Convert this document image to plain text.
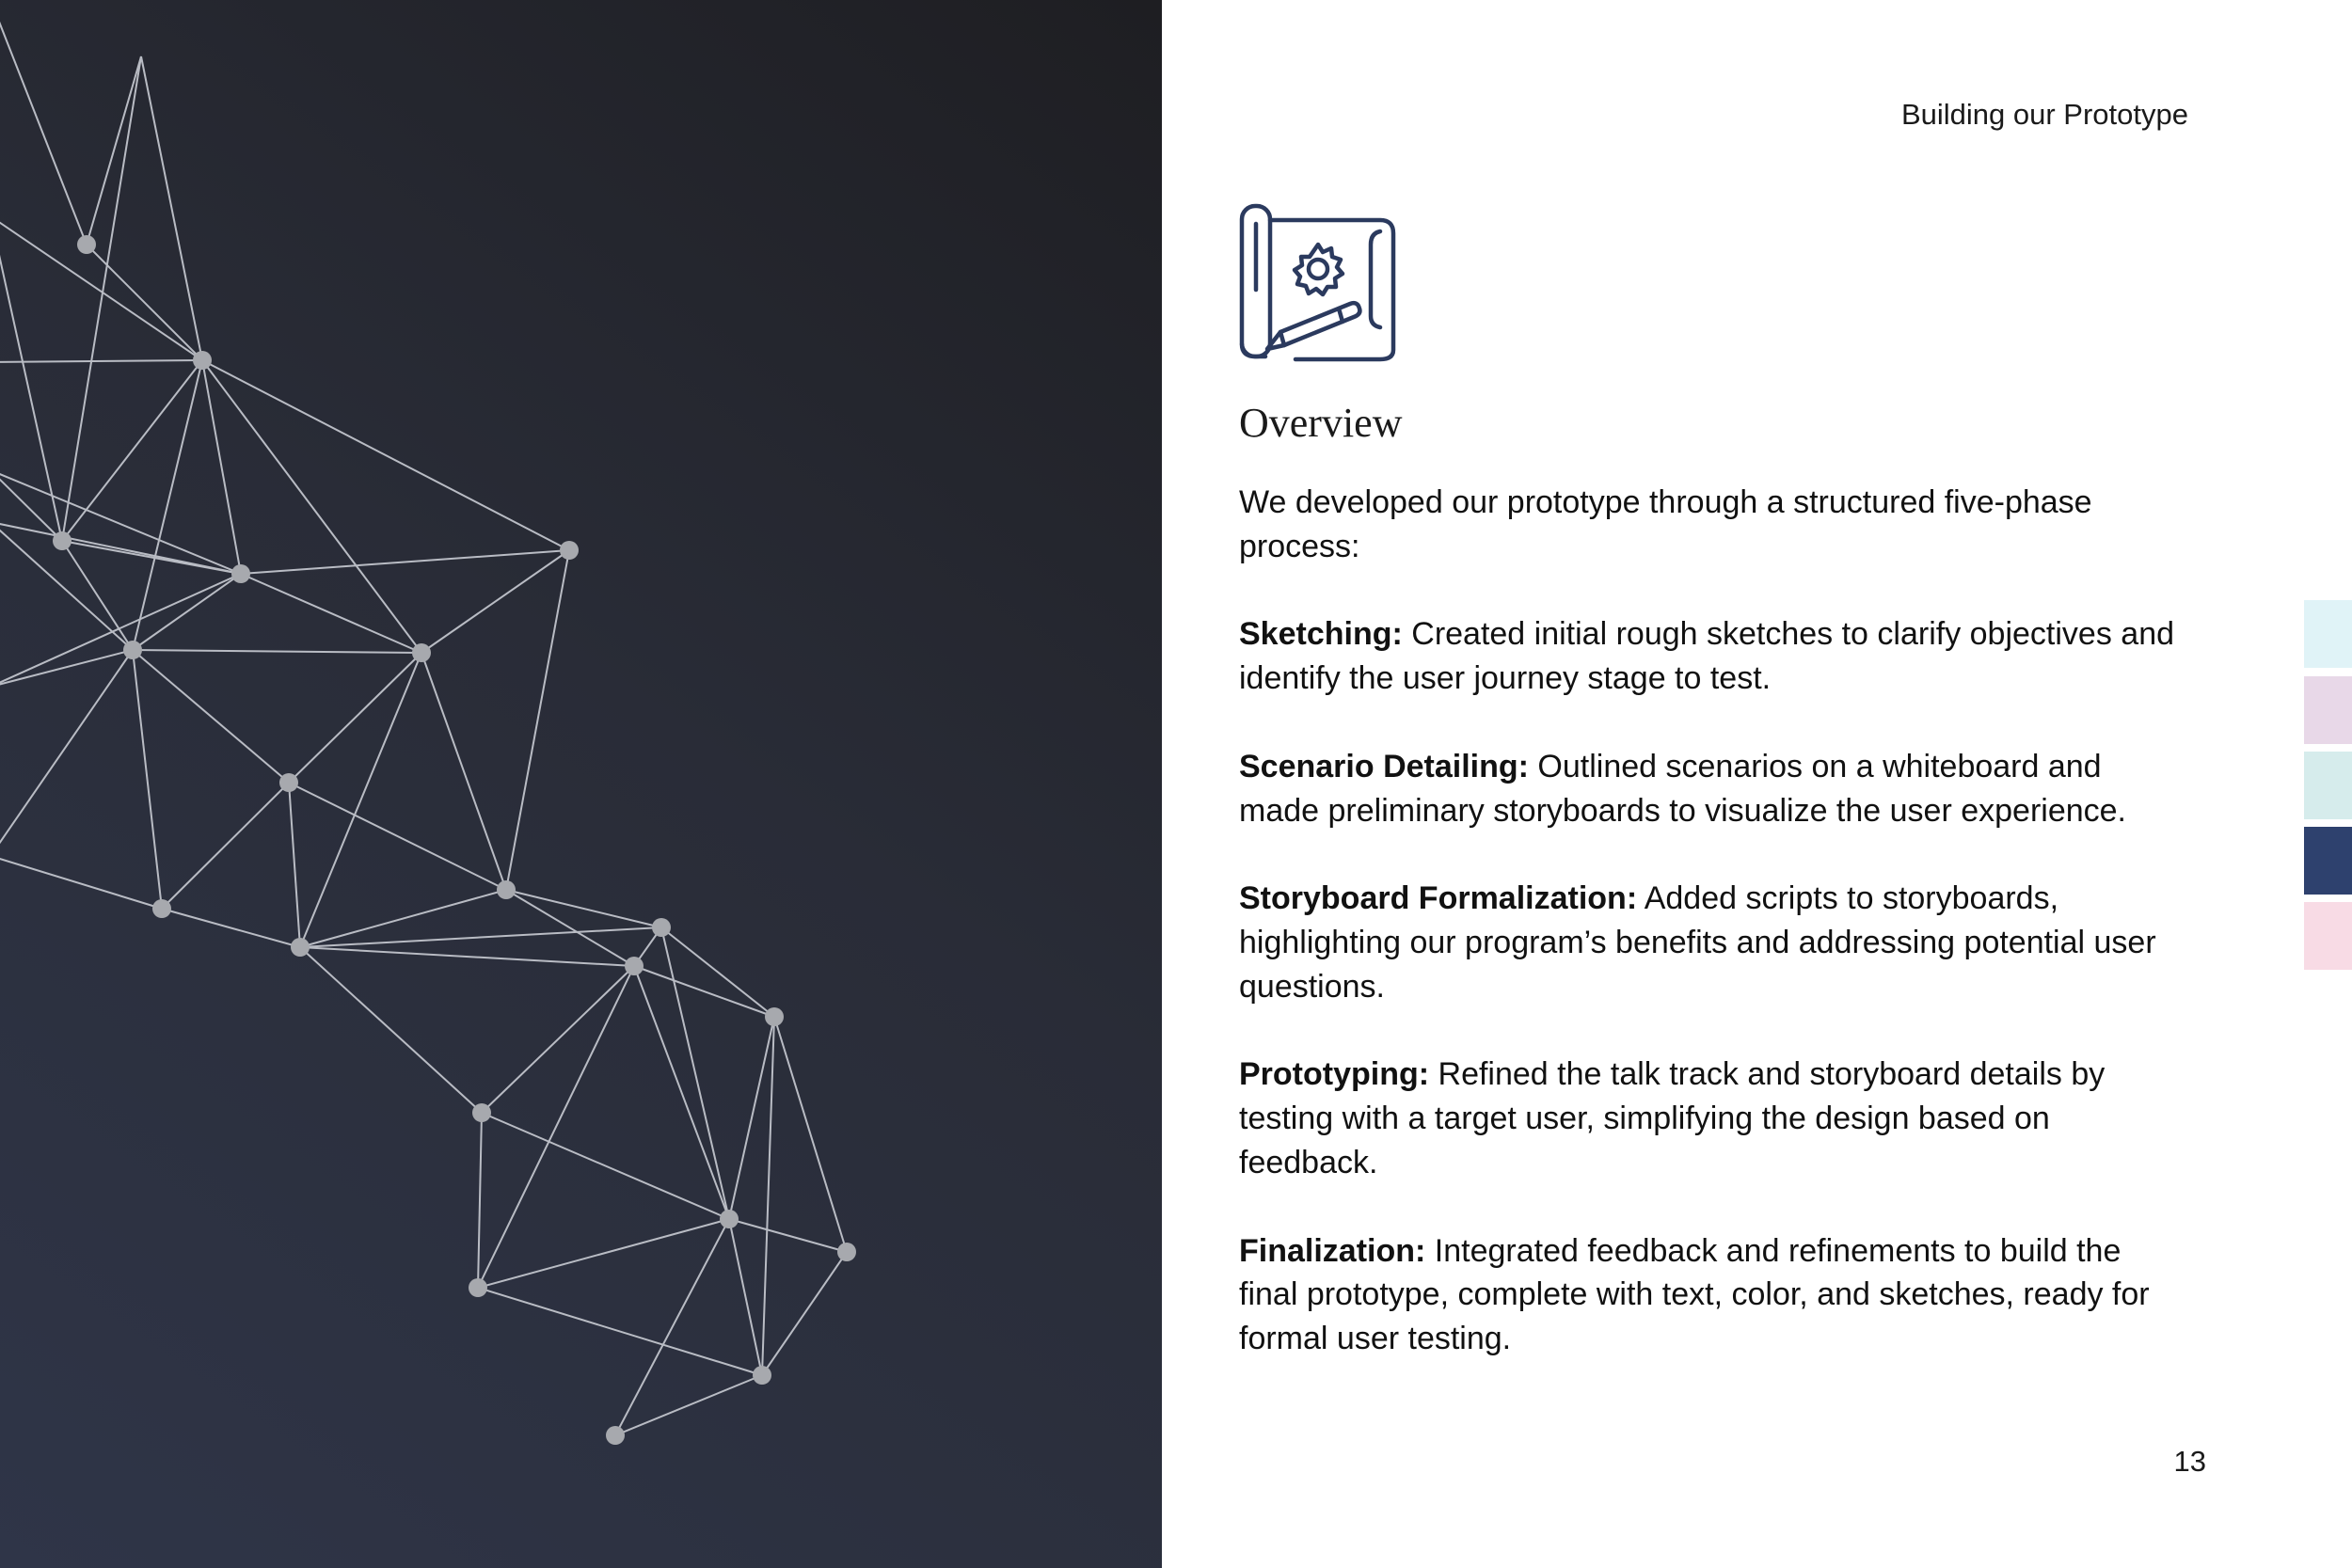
Building our Prototype

Overview

We developed our prototype through a structured five-phase process:

Sketching: Created initial rough sketches to clarify objectives and identify the user journey stage to test.

Scenario Detailing: Outlined scenarios on a whiteboard and made preliminary storyboards to visualize the user experience.

Storyboard Formalization: Added scripts to storyboards, highlighting our program’s benefits and addressing potential user questions.

Prototyping: Refined the talk track and storyboard details by testing with a target user, simplifying the design based on feedback.

Finalization: Integrated feedback and refinements to build the final prototype, complete with text, color, and sketches, ready for formal user testing.

13
